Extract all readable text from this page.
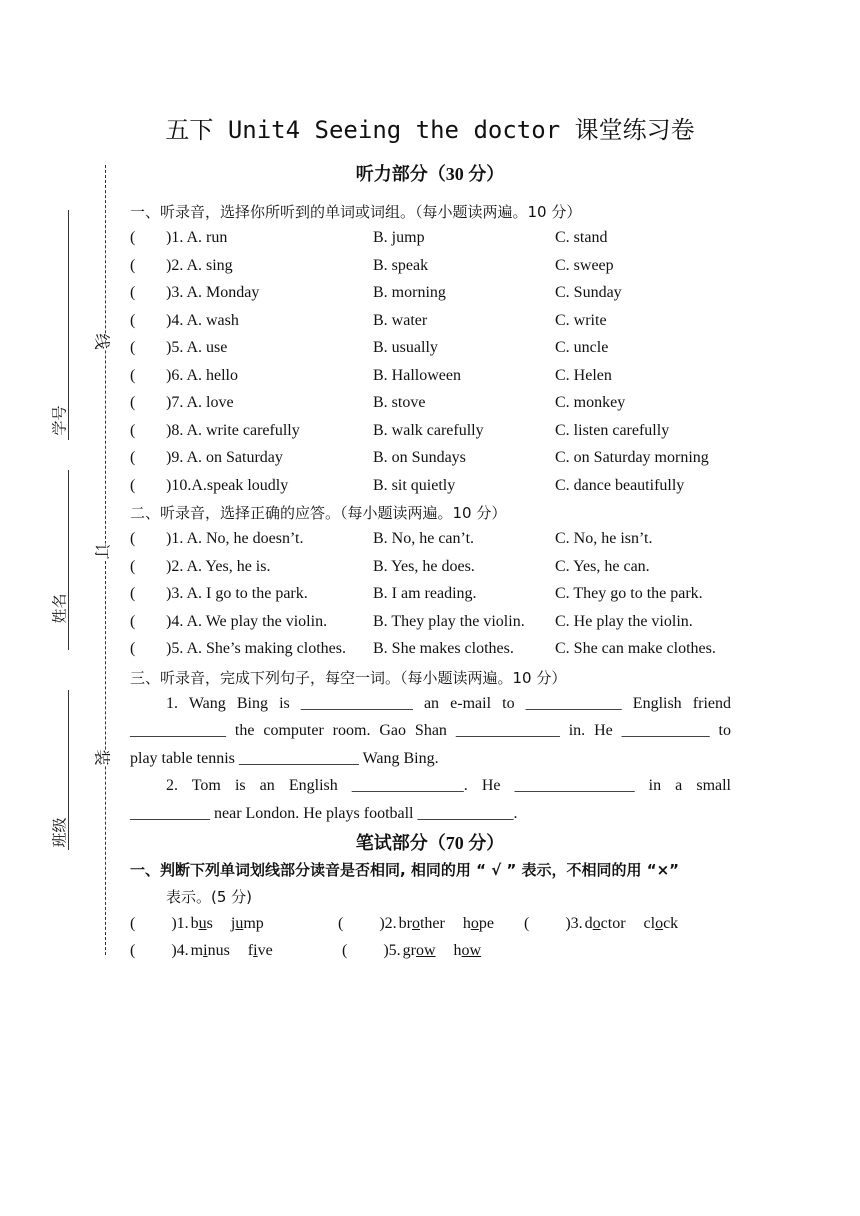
五下 Unit4 Seeing the doctor 课堂练习卷
听力部分（30 分）
线
订
装
学号
姓名
班级
一、听录音，选择你所听到的单词或词组。（每小题读两遍。10 分）
( )1. A. run	B. jump	C. stand
( )2. A. sing	B. speak	C. sweep
( )3. A. Monday	B. morning	C. Sunday
( )4. A. wash	B. water	C. write
( )5. A. use	B. usually	C. uncle
( )6. A. hello	B. Halloween	C. Helen
( )7. A. love	B. stove	C. monkey
( )8. A. write carefully	B. walk carefully	C. listen carefully
( )9. A. on Saturday	B. on Sundays	C. on Saturday morning
( )10.A.speak loudly	B. sit quietly	C. dance beautifully
二、听录音，选择正确的应答。（每小题读两遍。10 分）
( )1. A. No, he doesn’t.	B. No, he can’t.	C. No, he isn’t.
( )2. A. Yes, he is.	B. Yes, he does.	C. Yes, he can.
( )3. A. I go to the park.	B. I am reading.	C. They go to the park.
( )4. A. We play the violin.	B. They play the violin. C. He play the violin.
( )5. A. She’s making clothes. B. She makes clothes.	C. She can make clothes.
三、听录音，完成下列句子，每空一词。（每小题读两遍。10 分）
1. Wang Bing is ______________ an e-mail to ____________ English friend
____________ the computer room. Gao Shan _____________ in. He ___________ to
play table tennis _______________ Wang Bing.
2. Tom is an English ______________. He _______________ in a small
__________ near London. He plays football ____________.
笔试部分（70 分）
一、判断下列单词划线部分读音是否相同, 相同的用 “ √ ” 表示，不相同的用 “×”
表示。(5 分)
( )1. bus jump	( )2. brother hope ( )3. doctor clock
( )4. minus five	( )5. grow how
